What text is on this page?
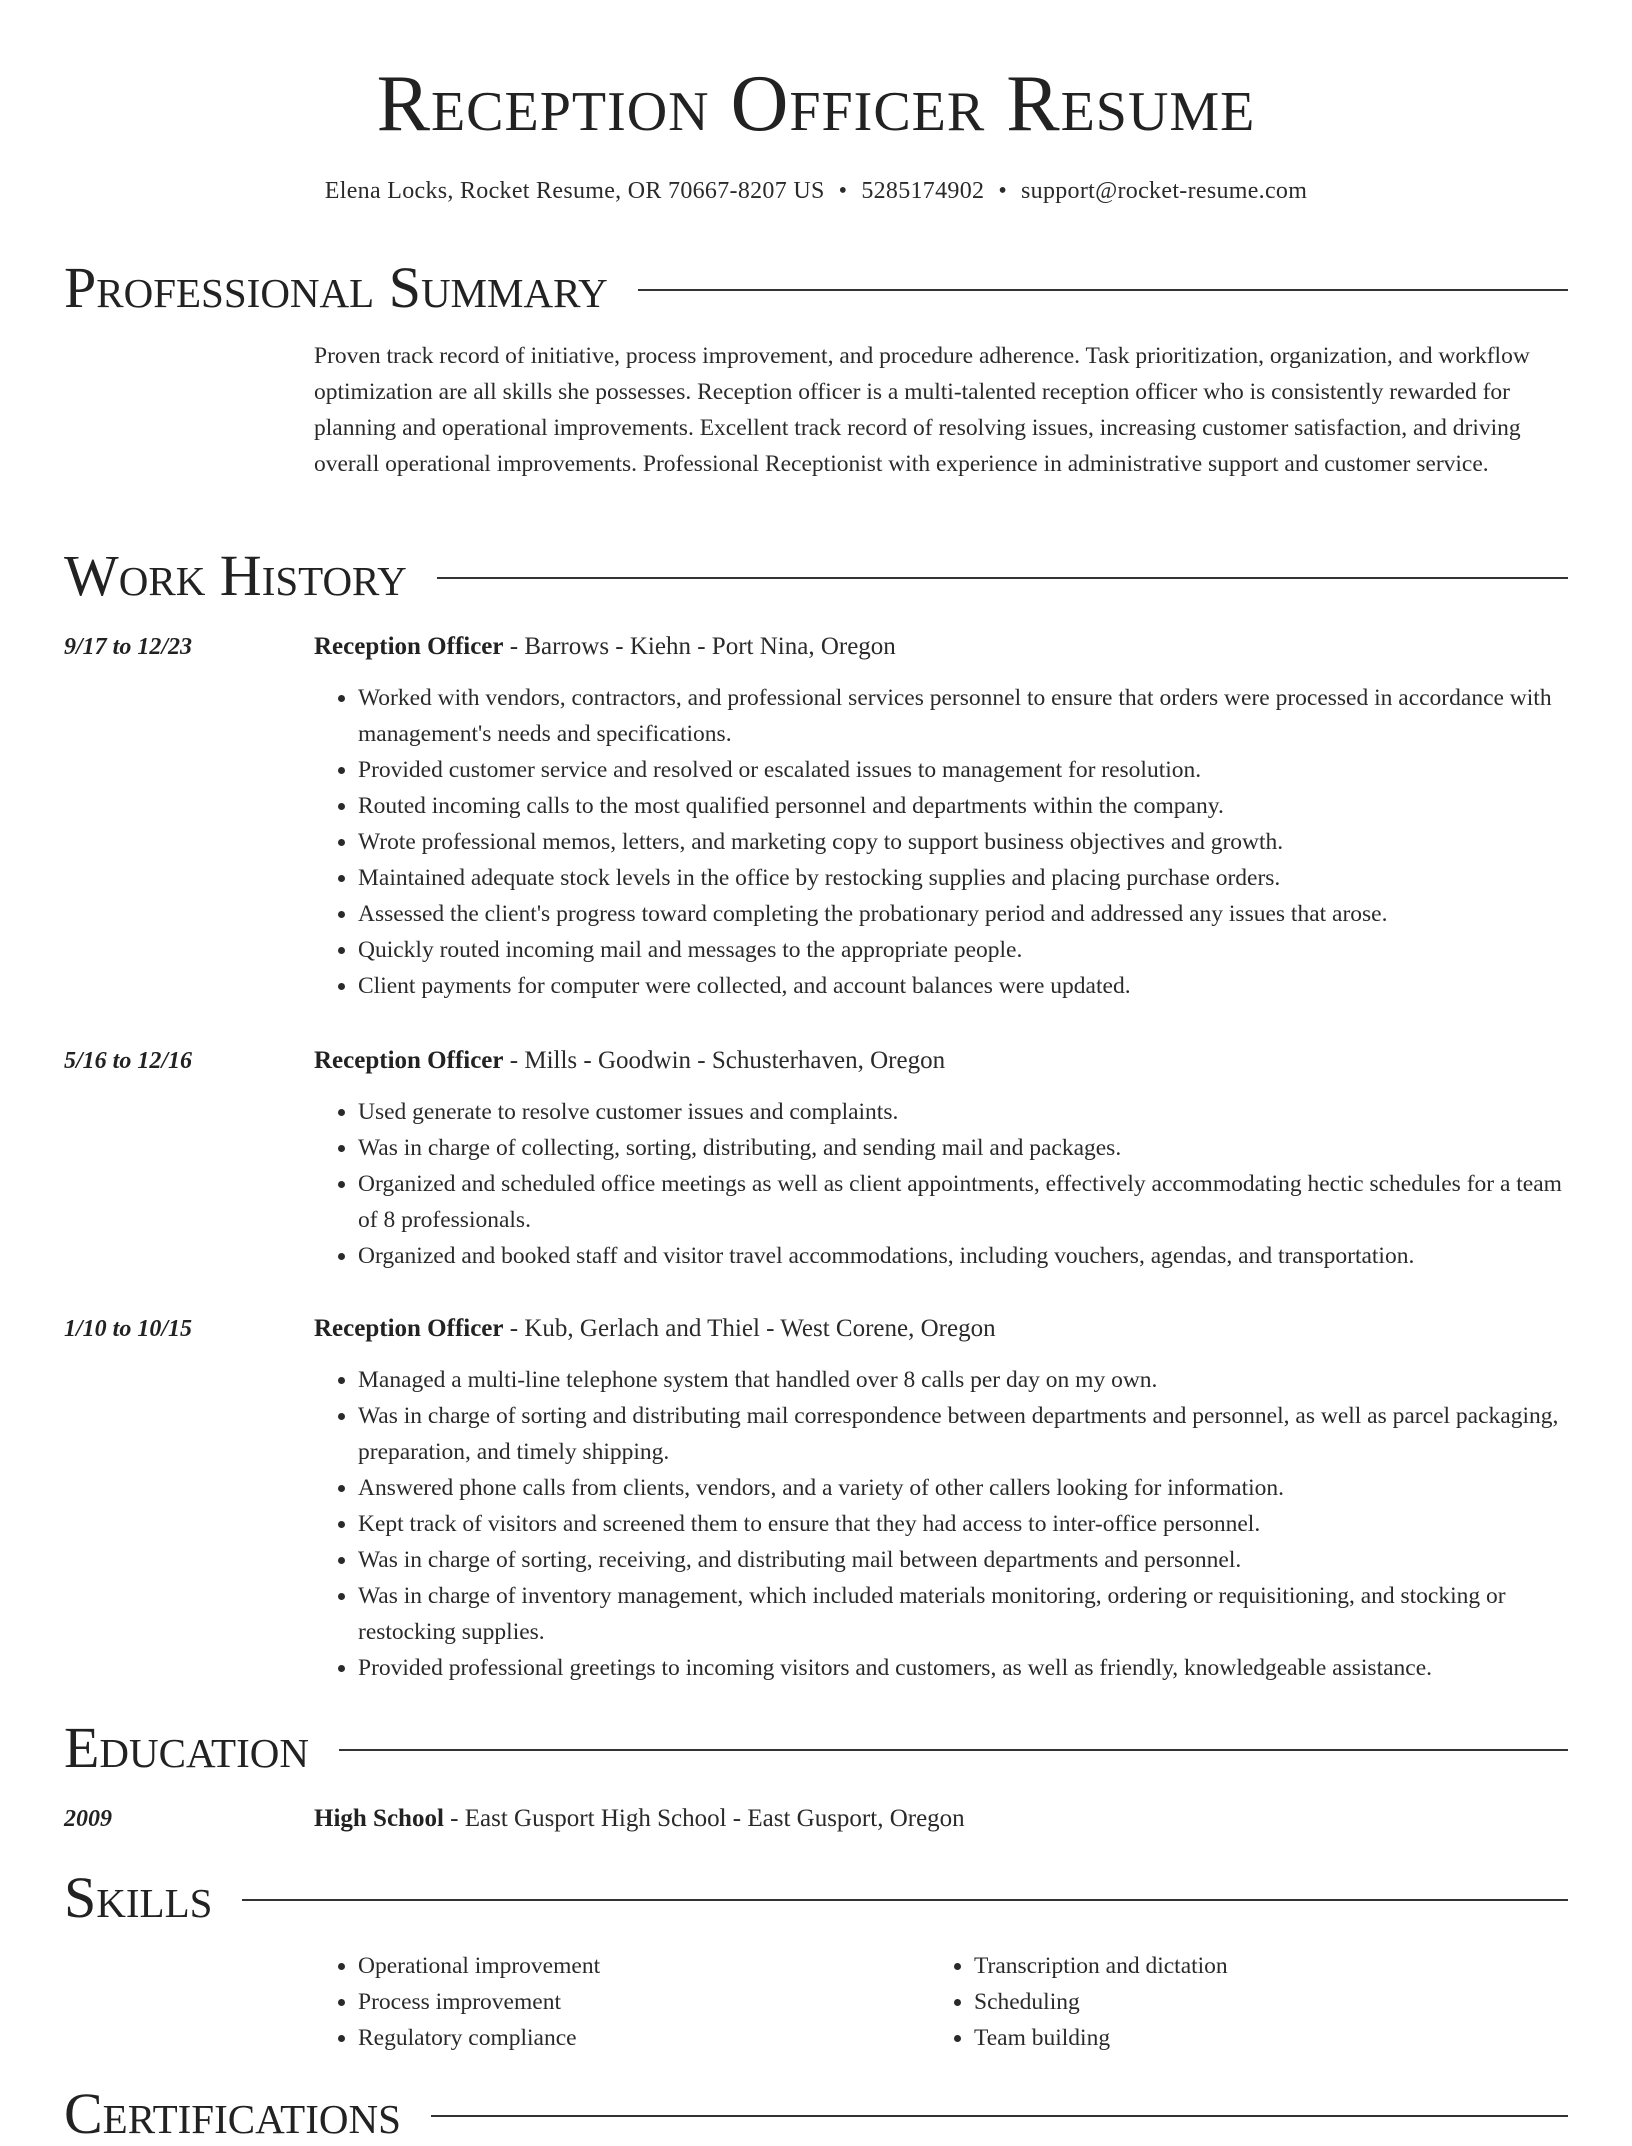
Reception Officer Resume
Elena Locks, Rocket Resume, OR 70667-8207 US • 5285174902 • support@rocket-resume.com
Professional Summary
Proven track record of initiative, process improvement, and procedure adherence. Task prioritization, organization, and workflow optimization are all skills she possesses. Reception officer is a multi-talented reception officer who is consistently rewarded for planning and operational improvements. Excellent track record of resolving issues, increasing customer satisfaction, and driving overall operational improvements. Professional Receptionist with experience in administrative support and customer service.
Work History
9/17 to 12/23	Reception Officer - Barrows - Kiehn - Port Nina, Oregon
• Worked with vendors, contractors, and professional services personnel to ensure that orders were processed in accordance with management's needs and specifications.
• Provided customer service and resolved or escalated issues to management for resolution.
• Routed incoming calls to the most qualified personnel and departments within the company.
• Wrote professional memos, letters, and marketing copy to support business objectives and growth.
• Maintained adequate stock levels in the office by restocking supplies and placing purchase orders.
• Assessed the client's progress toward completing the probationary period and addressed any issues that arose.
• Quickly routed incoming mail and messages to the appropriate people.
• Client payments for computer were collected, and account balances were updated.
5/16 to 12/16	Reception Officer - Mills - Goodwin - Schusterhaven, Oregon
• Used generate to resolve customer issues and complaints.
• Was in charge of collecting, sorting, distributing, and sending mail and packages.
• Organized and scheduled office meetings as well as client appointments, effectively accommodating hectic schedules for a team of 8 professionals.
• Organized and booked staff and visitor travel accommodations, including vouchers, agendas, and transportation.
1/10 to 10/15	Reception Officer - Kub, Gerlach and Thiel - West Corene, Oregon
• Managed a multi-line telephone system that handled over 8 calls per day on my own.
• Was in charge of sorting and distributing mail correspondence between departments and personnel, as well as parcel packaging, preparation, and timely shipping.
• Answered phone calls from clients, vendors, and a variety of other callers looking for information.
• Kept track of visitors and screened them to ensure that they had access to inter-office personnel.
• Was in charge of sorting, receiving, and distributing mail between departments and personnel.
• Was in charge of inventory management, which included materials monitoring, ordering or requisitioning, and stocking or restocking supplies.
• Provided professional greetings to incoming visitors and customers, as well as friendly, knowledgeable assistance.
Education
2009	High School - East Gusport High School - East Gusport, Oregon
Skills
• Operational improvement
• Process improvement
• Regulatory compliance
• Transcription and dictation
• Scheduling
• Team building
Certifications
